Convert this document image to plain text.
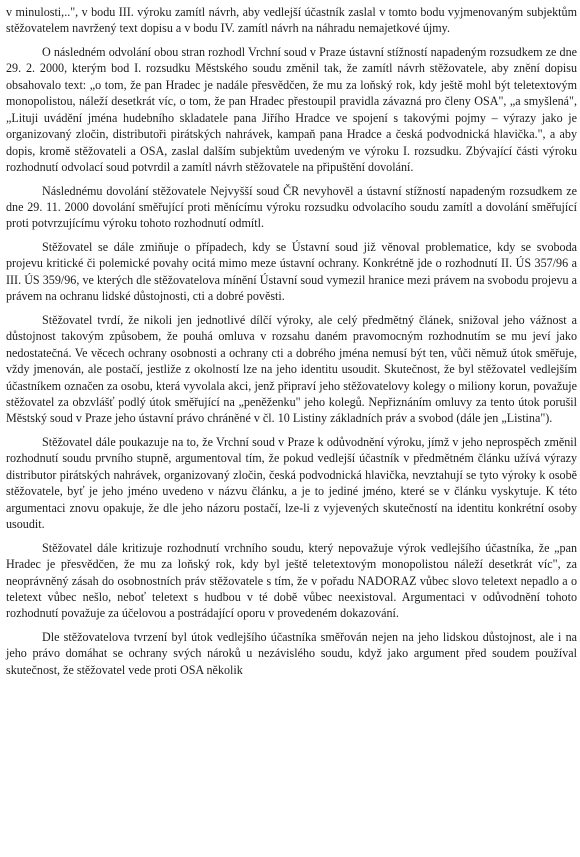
v minulosti,..", v bodu III. výroku zamítl návrh, aby vedlejší účastník zaslal v tomto bodu vyjmenovaným subjektům stěžovatelem navržený text dopisu a v bodu IV. zamítl návrh na náhradu nemajetkové újmy.

O následném odvolání obou stran rozhodl Vrchní soud v Praze ústavní stížností napadeným rozsudkem ze dne 29. 2. 2000, kterým bod I. rozsudku Městského soudu změnil tak, že zamítl návrh stěžovatele, aby znění dopisu obsahovalo text: „o tom, že pan Hradec je nadále přesvědčen, že mu za loňský rok, kdy ještě mohl být teletextovým monopolistou, náleží desetkrát víc, o tom, že pan Hradec přestoupil pravidla závazná pro členy OSA", „a smyšlená", „Lituji uvádění jména hudebního skladatele pana Jiřího Hradce ve spojení s takovými pojmy – výrazy jako je organizovaný zločin, distributoři pirátských nahrávek, kampaň pana Hradce a česká podvodnická hlavička.", a aby dopis, kromě stěžovateli a OSA, zaslal dalším subjektům uvedeným ve výroku I. rozsudku. Zbývající části výroku rozhodnutí odvolací soud potvrdil a zamítl návrh stěžovatele na připuštění dovolání.

Následnému dovolání stěžovatele Nejvyšší soud ČR nevyhověl a ústavní stížností napadeným rozsudkem ze dne 29. 11. 2000 dovolání směřující proti měnícímu výroku rozsudku odvolacího soudu zamítl a dovolání směřující proti potvrzujícímu výroku tohoto rozhodnutí odmítl.

Stěžovatel se dále zmiňuje o případech, kdy se Ústavní soud již věnoval problematice, kdy se svoboda projevu kritické či polemické povahy ocitá mimo meze ústavní ochrany. Konkrétně jde o rozhodnutí II. ÚS 357/96 a III. ÚS 359/96, ve kterých dle stěžovatelova mínění Ústavní soud vymezil hranice mezi právem na svobodu projevu a právem na ochranu lidské důstojnosti, cti a dobré pověsti.

Stěžovatel tvrdí, že nikoli jen jednotlivé dílčí výroky, ale celý předmětný článek, snižoval jeho vážnost a důstojnost takovým způsobem, že pouhá omluva v rozsahu daném pravomocným rozhodnutím se mu jeví jako nedostatečná. Ve věcech ochrany osobnosti a ochrany cti a dobrého jména nemusí být ten, vůči němuž útok směřuje, vždy jmenován, ale postačí, jestliže z okolností lze na jeho identitu usoudit. Skutečnost, že byl stěžovatel vedlejším účastníkem označen za osobu, která vyvolala akci, jenž připraví jeho stěžovatelovy kolegy o miliony korun, považuje stěžovatel za obzvlášť podlý útok směřující na „peněženku" jeho kolegů. Nepřiznáním omluvy za tento útok porušil Městský soud v Praze jeho ústavní právo chráněné v čl. 10 Listiny základních práv a svobod (dále jen „Listina").

Stěžovatel dále poukazuje na to, že Vrchní soud v Praze k odůvodnění výroku, jímž v jeho neprospěch změnil rozhodnutí soudu prvního stupně, argumentoval tím, že pokud vedlejší účastník v předmětném článku užívá výrazy distributor pirátských nahrávek, organizovaný zločin, česká podvodnická hlavička, nevztahují se tyto výroky k osobě stěžovatele, byť je jeho jméno uvedeno v názvu článku, a je to jediné jméno, které se v článku vyskytuje. K této argumentaci znovu opakuje, že dle jeho názoru postačí, lze-li z vyjevených skutečností na identitu konkrétní osoby usoudit.

Stěžovatel dále kritizuje rozhodnutí vrchního soudu, který nepovažuje výrok vedlejšího účastníka, že „pan Hradec je přesvědčen, že mu za loňský rok, kdy byl ještě teletextovým monopolistou náleží desetkrát víc", za neoprávněný zásah do osobnostních práv stěžovatele s tím, že v pořadu NADORAZ vůbec slovo teletext nepadlo a o teletext vůbec nešlo, neboť teletext s hudbou v té době vůbec neexistoval. Argumentaci v odůvodnění tohoto rozhodnutí považuje za účelovou a postrádající oporu v provedeném dokazování.

Dle stěžovatelova tvrzení byl útok vedlejšího účastníka směřován nejen na jeho lidskou důstojnost, ale i na jeho právo domáhat se ochrany svých nároků u nezávislého soudu, když jako argument před soudem používal skutečnost, že stěžovatel vede proti OSA několik
